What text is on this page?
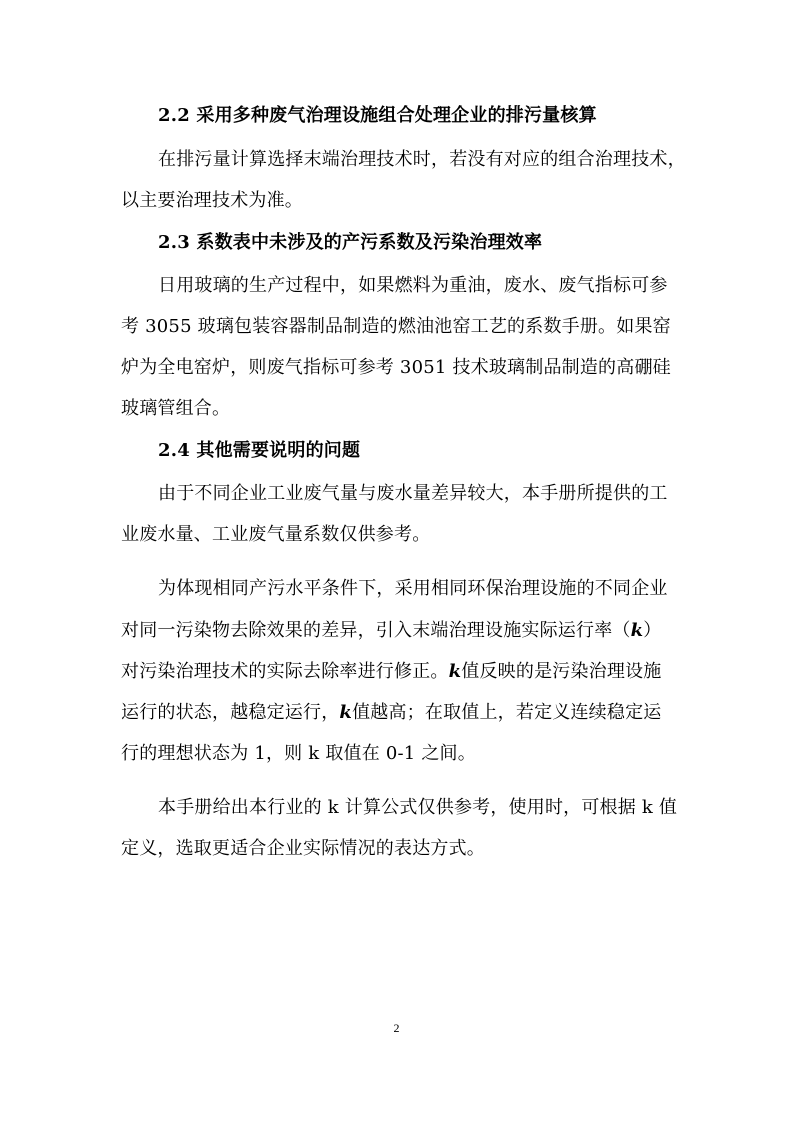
2.2 采用多种废气治理设施组合处理企业的排污量核算
在排污量计算选择末端治理技术时，若没有对应的组合治理技术，
以主要治理技术为准。
2.3 系数表中未涉及的产污系数及污染治理效率
日用玻璃的生产过程中，如果燃料为重油，废水、废气指标可参
考 3055 玻璃包装容器制品制造的燃油池窑工艺的系数手册。如果窑
炉为全电窑炉，则废气指标可参考 3051 技术玻璃制品制造的高硼硅
玻璃管组合。
2.4 其他需要说明的问题
由于不同企业工业废气量与废水量差异较大，本手册所提供的工
业废水量、工业废气量系数仅供参考。
为体现相同产污水平条件下，采用相同环保治理设施的不同企业
对同一污染物去除效果的差异，引入末端治理设施实际运行率（k）
对污染治理技术的实际去除率进行修正。k值反映的是污染治理设施
运行的状态，越稳定运行，k值越高；在取值上，若定义连续稳定运
行的理想状态为 1，则 k 取值在 0-1 之间。
本手册给出本行业的 k 计算公式仅供参考，使用时，可根据 k 值
定义，选取更适合企业实际情况的表达方式。
2
